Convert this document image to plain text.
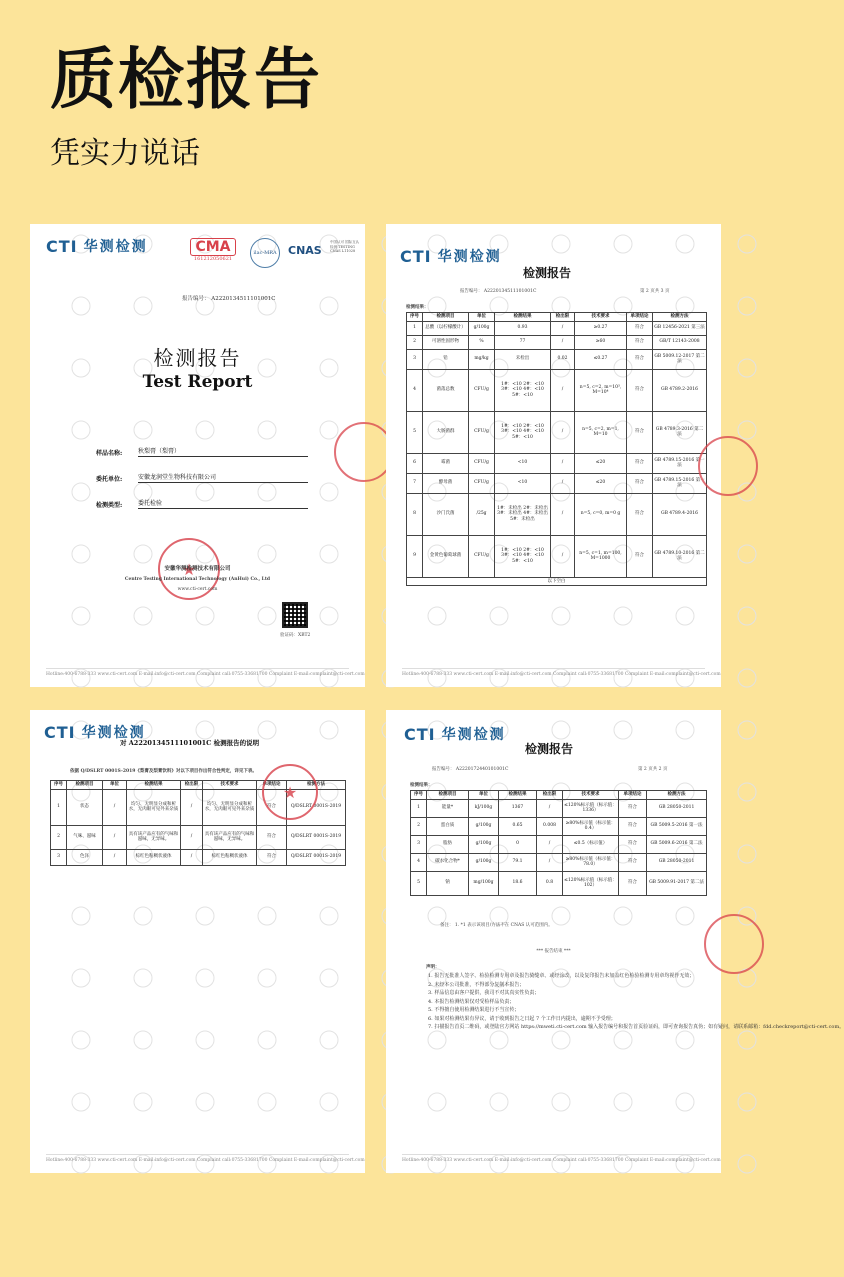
质检报告
凭实力说话
CTI 华测检测	CMA
161212050621
ilac-MRA	CNAS
中国认可 国际互认 检测 TESTING CNAS L11028
报告编号： A2220134511101001C
检测报告
Test Report
样品名称:	秋梨膏（梨膏）
委托单位:	安徽龙润堂生物科技有限公司
检测类型:	委托检验
★
安徽华测检测技术有限公司
Centre Testing International Technology (AnHui) Co., Ltd
www.cti-cert.com
验证码：XBT2
Hotline:400-6788-333 www.cti-cert.com E-mail:info@cti-cert.com Complaint call:0755-33681700 Complaint E-mail:complaint@cti-cert.com
CTI 华测检测
检测报告
报告编号： A2220134511101001C	第 2 页共 3 页
检测结果：
序号	检测项目	单位	检测结果	检出限	技术要求	单项结论	检测方法
1	总酸（以柠檬酸计）	g/100g	0.93	/	≥0.27	符合	GB 12456-2021 第三法
2	可溶性固形物	%	77	/	≥60	符合	GB/T 12143-2008
3	铅	mg/kg	未检出	0.02	≤0.27	符合	GB 5009.12-2017 第二法
4	菌落总数	CFU/g	1#：<10 2#：<10 3#：<10 4#：<10 5#：<10	/	n=5, c=2, m=10³, M=10⁴	符合	GB 4789.2-2016
5	大肠菌群	CFU/g	1#：<10 2#：<10 3#：<10 4#：<10 5#：<10	/	n=5, c=2, m=1, M=10	符合	GB 4789.3-2016 第二法
6	霉菌	CFU/g	<10	/	≤20	符合	GB 4789.15-2016 第一法
7	酵母菌	CFU/g	<10	/	≤20	符合	GB 4789.15-2016 第一法
8	沙门氏菌	/25g	1#：未检出 2#：未检出 3#：未检出 4#：未检出 5#：未检出	/	n=5, c=0, m=0 g	符合	GB 4789.4-2016
9	金黄色葡萄球菌	CFU/g	1#：<10 2#：<10 3#：<10 4#：<10 5#：<10	/	n=5, c=1, m=100, M=1000	符合	GB 4789.10-2016 第二法
以下空白							
Hotline:400-6788-333 www.cti-cert.com E-mail:info@cti-cert.com Complaint call:0755-33681700 Complaint E-mail:complaint@cti-cert.com
CTI 华测检测
对 A2220134511101001C 检测报告的说明
依据 Q/DSLRT 0001S-2019《梨膏及梨膏饮料》对以下项目作出符合性判定，详见下表。
序号	检测项目	单位	检测结果	检出限	技术要求	单项结论	检测方法
1	状态	/	均匀、无明显分成和析水，无肉眼可见外来杂质	/	均匀、无明显分成和析水，无肉眼可见外来杂质	符合	Q/DSLRT 0001S-2019
2	气味、滋味	/	具有该产品应有的气味和滋味，无异味。	/	具有该产品应有的气味和滋味，无异味。	符合	Q/DSLRT 0001S-2019
3	色泽	/	棕红色粘稠状液体	/	棕红色粘稠状液体	符合	Q/DSLRT 0001S-2019
★
Hotline:400-6788-333 www.cti-cert.com E-mail:info@cti-cert.com Complaint call:0755-33681700 Complaint E-mail:complaint@cti-cert.com
CTI 华测检测
检测报告
报告编号： A2220172440101001C	第 2 页共 2 页
检测结果：
序号	检测项目	单位	检测结果	检出限	技术要求	单项结论	检测方法
1	能量*	kJ/100g	1367	/	≤120%标示值（标示值：1336）	符合	GB 28050-2011
2	蛋白质	g/100g	0.65	0.008	≥80%标示值（标示值：0.4）	符合	GB 5009.5-2016 第一法
3	脂肪	g/100g	0	/	≤0.5（标示值）	符合	GB 5009.6-2016 第二法
4	碳水化合物*	g/100g	79.1	/	≥80%标示值（标示值：78.0）	符合	GB 28050-2011
5	钠	mg/100g	18.6	0.8	≤120%标示值（标示值：102）	符合	GB 5009.91-2017 第二法
备注： 1. *1 表示该项目/方法不在 CNAS 认可范围内。
*** 报告结束 ***
声明：

1. 报告无批准人签字、检验检测专用章及报告骑缝章、或经涂改，以及复印报告未加盖红色检验检测专用章均视作无效；

2. 未经本公司批准，不得部分复制本报告；

3. 样品信息由客户提供，我司不对其真实性负责；

4. 本报告检测结果仅对受检样品负责；

5. 不得擅自使用检测结果进行不当宣传；

6. 如果对检测结果有异议，请于收到报告之日起 7 个工作日内提出，逾期不予受理；

7. 扫描报告首页二维码，或登陆官方网站 https://mweti.cti-cert.com 输入报告编号和报告首页验证码，即可查询报告真伪；如有疑问，请联系邮箱：fdd.checkreport@cti-cert.com。

Hotline:400-6788-333 www.cti-cert.com E-mail:info@cti-cert.com Complaint call:0755-33681700 Complaint E-mail:complaint@cti-cert.com
